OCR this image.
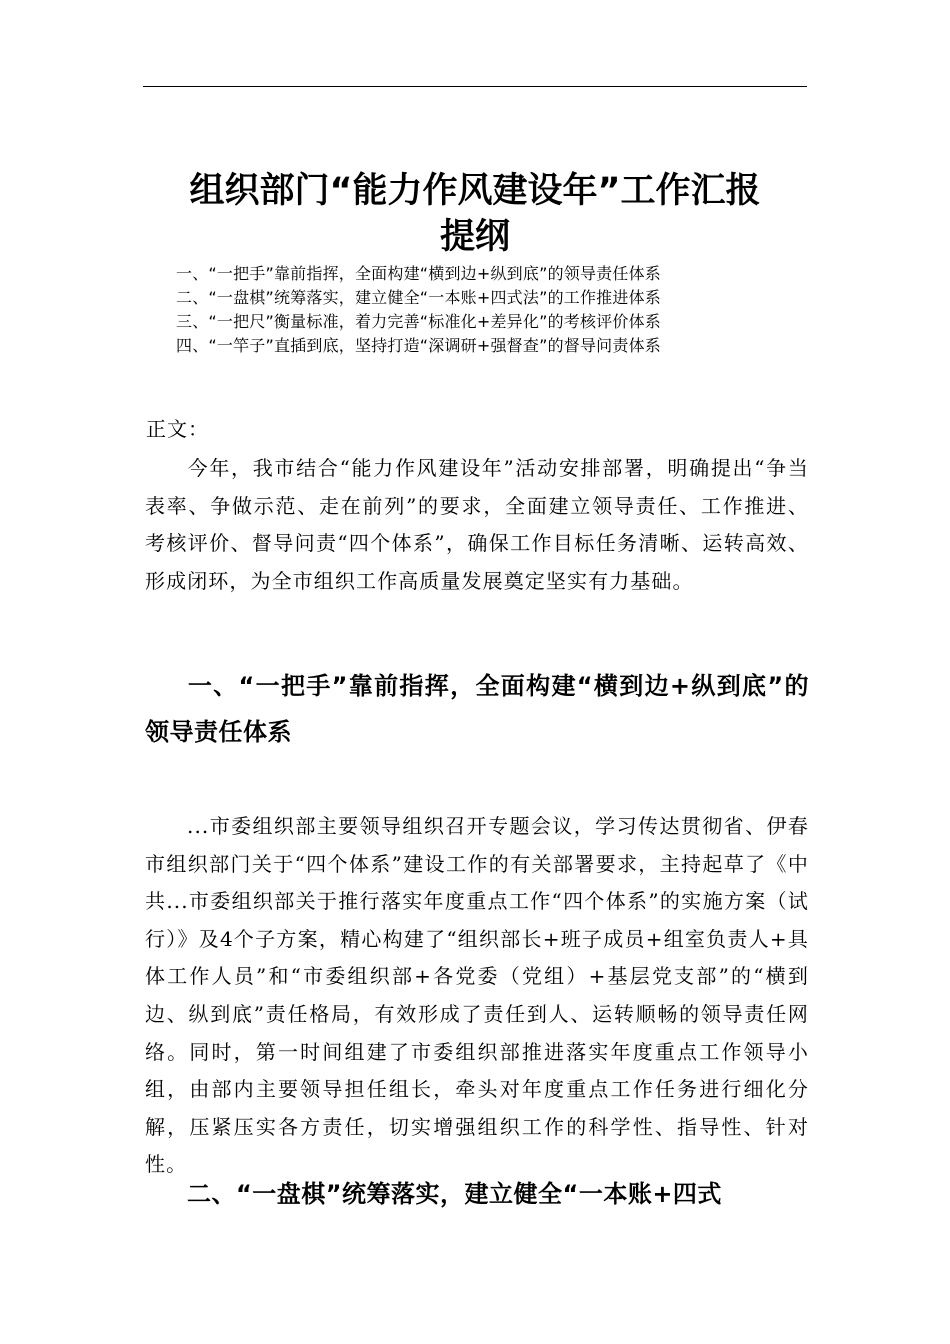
组织部门“能力作风建设年”工作汇报
提纲
一、“一把手”靠前指挥，全面构建“横到边+纵到底”的领导责任体系
二、“一盘棋”统筹落实，建立健全“一本账+四式法”的工作推进体系
三、“一把尺”衡量标准，着力完善“标准化+差异化”的考核评价体系
四、“一竿子”直插到底，坚持打造“深调研+强督查”的督导问责体系
正文：
今年，我市结合“能力作风建设年”活动安排部署，明确提出“争当表率、争做示范、走在前列”的要求，全面建立领导责任、工作推进、考核评价、督导问责“四个体系”，确保工作目标任务清晰、运转高效、形成闭环，为全市组织工作高质量发展奠定坚实有力基础。
一、“一把手”靠前指挥，全面构建“横到边+纵到底”的领导责任体系
...市委组织部主要领导组织召开专题会议，学习传达贯彻省、伊春市组织部门关于“四个体系”建设工作的有关部署要求，主持起草了《中共...市委组织部关于推行落实年度重点工作“四个体系”的实施方案（试行）》及4个子方案，精心构建了“组织部长+班子成员+组室负责人+具体工作人员”和“市委组织部+各党委（党组）+基层党支部”的“横到边、纵到底”责任格局，有效形成了责任到人、运转顺畅的领导责任网络。同时，第一时间组建了市委组织部推进落实年度重点工作领导小组，由部内主要领导担任组长，牵头对年度重点工作任务进行细化分解，压紧压实各方责任，切实增强组织工作的科学性、指导性、针对性。
二、“一盘棋”统筹落实，建立健全“一本账+四式
